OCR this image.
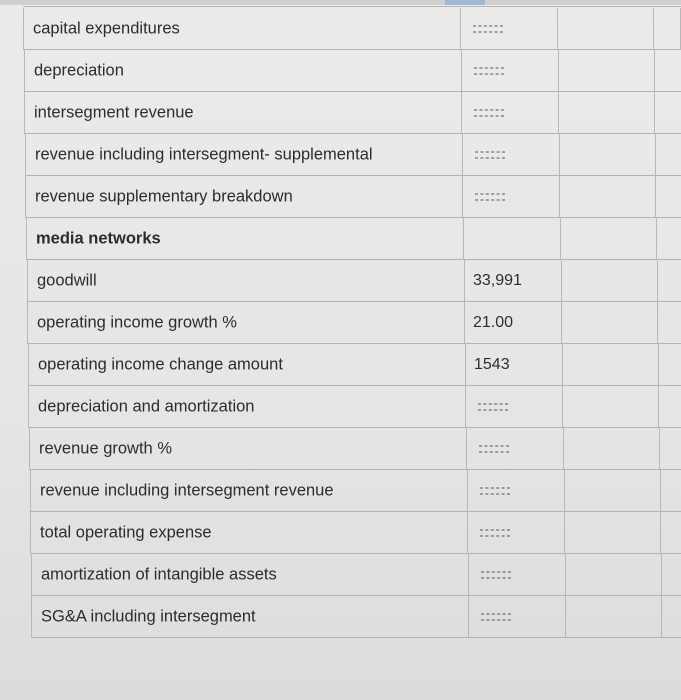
capital expenditures
depreciation
intersegment revenue
revenue including intersegment- supplemental
revenue supplementary breakdown
media networks
goodwill	33,991
operating income growth %	21.00
operating income change amount	1543
depreciation and amortization
revenue growth %
revenue including intersegment revenue
total operating expense
amortization of intangible assets
SG&A including intersegment
